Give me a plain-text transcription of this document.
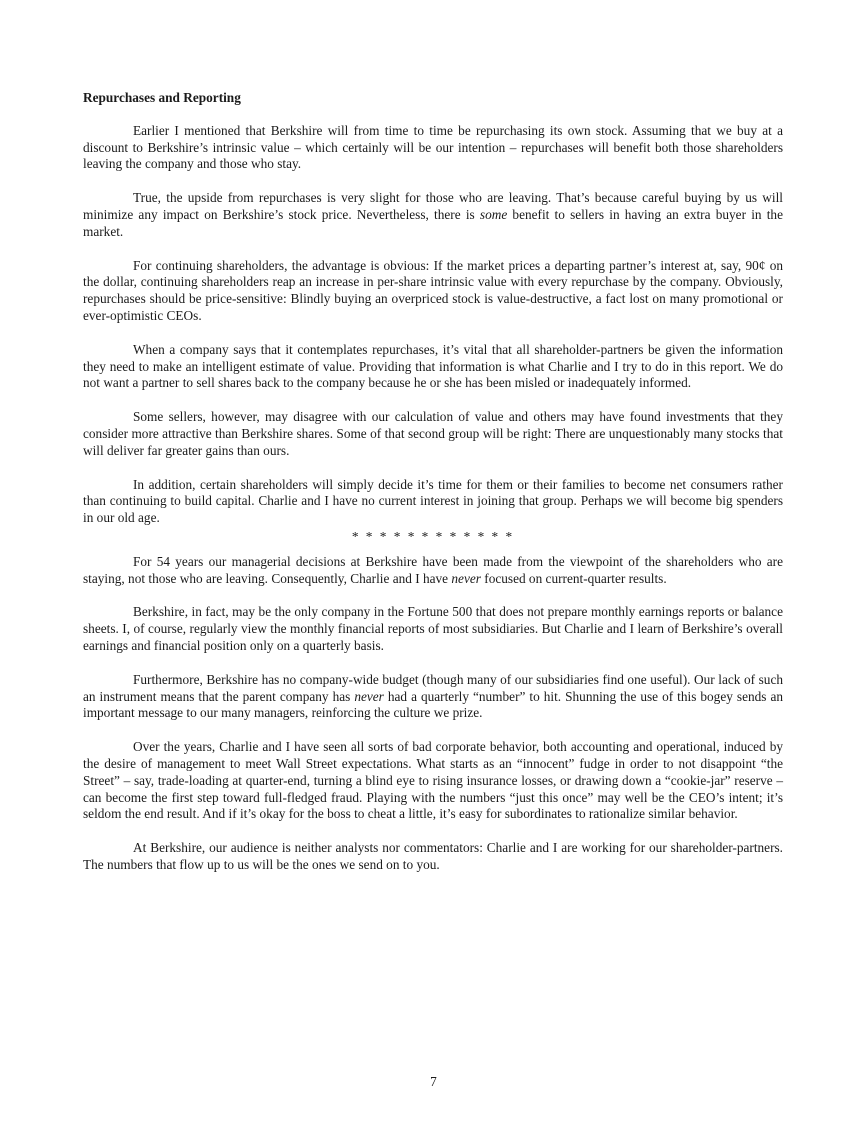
Repurchases and Reporting

Earlier I mentioned that Berkshire will from time to time be repurchasing its own stock. Assuming that we buy at a discount to Berkshire’s intrinsic value – which certainly will be our intention – repurchases will benefit both those shareholders leaving the company and those who stay.

True, the upside from repurchases is very slight for those who are leaving. That’s because careful buying by us will minimize any impact on Berkshire’s stock price. Nevertheless, there is some benefit to sellers in having an extra buyer in the market.

For continuing shareholders, the advantage is obvious: If the market prices a departing partner’s interest at, say, 90¢ on the dollar, continuing shareholders reap an increase in per-share intrinsic value with every repurchase by the company. Obviously, repurchases should be price-sensitive: Blindly buying an overpriced stock is value-destructive, a fact lost on many promotional or ever-optimistic CEOs.

When a company says that it contemplates repurchases, it’s vital that all shareholder-partners be given the information they need to make an intelligent estimate of value. Providing that information is what Charlie and I try to do in this report. We do not want a partner to sell shares back to the company because he or she has been misled or inadequately informed.

Some sellers, however, may disagree with our calculation of value and others may have found investments that they consider more attractive than Berkshire shares. Some of that second group will be right: There are unquestionably many stocks that will deliver far greater gains than ours.

In addition, certain shareholders will simply decide it’s time for them or their families to become net consumers rather than continuing to build capital. Charlie and I have no current interest in joining that group. Perhaps we will become big spenders in our old age.

* * * * * * * * * * * *

For 54 years our managerial decisions at Berkshire have been made from the viewpoint of the shareholders who are staying, not those who are leaving. Consequently, Charlie and I have never focused on current-quarter results.

Berkshire, in fact, may be the only company in the Fortune 500 that does not prepare monthly earnings reports or balance sheets. I, of course, regularly view the monthly financial reports of most subsidiaries. But Charlie and I learn of Berkshire’s overall earnings and financial position only on a quarterly basis.

Furthermore, Berkshire has no company-wide budget (though many of our subsidiaries find one useful). Our lack of such an instrument means that the parent company has never had a quarterly “number” to hit. Shunning the use of this bogey sends an important message to our many managers, reinforcing the culture we prize.

Over the years, Charlie and I have seen all sorts of bad corporate behavior, both accounting and operational, induced by the desire of management to meet Wall Street expectations. What starts as an “innocent” fudge in order to not disappoint “the Street” – say, trade-loading at quarter-end, turning a blind eye to rising insurance losses, or drawing down a “cookie-jar” reserve – can become the first step toward full-fledged fraud. Playing with the numbers “just this once” may well be the CEO’s intent; it’s seldom the end result. And if it’s okay for the boss to cheat a little, it’s easy for subordinates to rationalize similar behavior.

At Berkshire, our audience is neither analysts nor commentators: Charlie and I are working for our shareholder-partners. The numbers that flow up to us will be the ones we send on to you.

7
